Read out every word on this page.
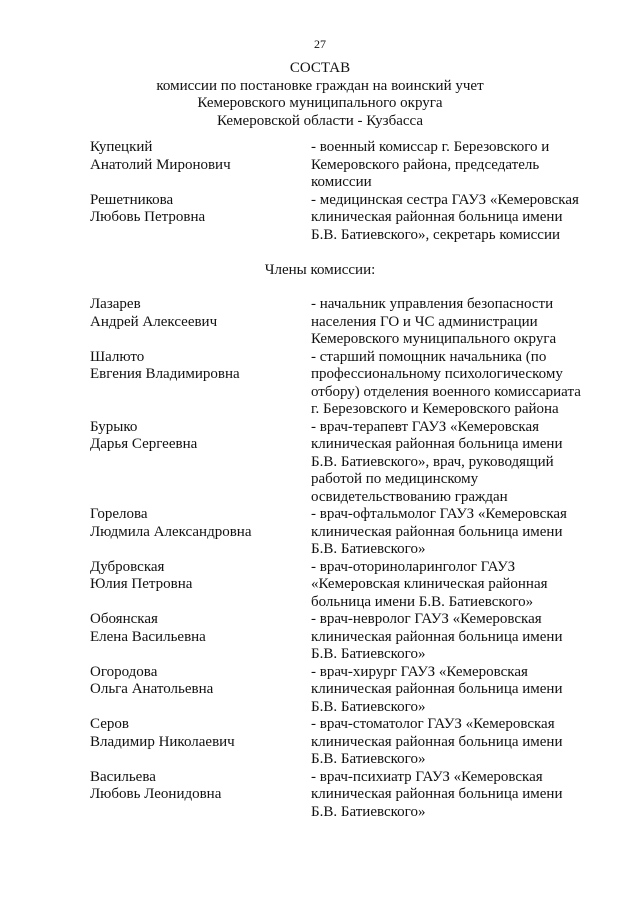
27
СОСТАВ
комиссии по постановке граждан на воинский учет
Кемеровского муниципального округа
Кемеровской области - Кузбасса
Члены комиссии:
Купецкий
Анатолий Миронович
- военный комиссар г. Березовского и
Кемеровского района, председатель
комиссии
Решетникова
Любовь Петровна
- медицинская сестра ГАУЗ «Кемеровская
клиническая районная больница имени
Б.В. Батиевского», секретарь комиссии
Лазарев
Андрей Алексеевич
- начальник управления безопасности
населения ГО и ЧС администрации
Кемеровского муниципального округа
Шалюто
Евгения Владимировна
- старший помощник начальника (по
профессиональному психологическому
отбору) отделения военного комиссариата
г. Березовского и Кемеровского района
Бурыко
Дарья Сергеевна
- врач-терапевт ГАУЗ «Кемеровская
клиническая районная больница имени
Б.В. Батиевского», врач, руководящий
работой по медицинскому
освидетельствованию граждан
Горелова
Людмила Александровна
- врач-офтальмолог ГАУЗ «Кемеровская
клиническая районная больница имени
Б.В. Батиевского»
Дубровская
Юлия Петровна
- врач-оториноларинголог ГАУЗ
«Кемеровская клиническая районная
больница имени Б.В. Батиевского»
Обоянская
Елена Васильевна
- врач-невролог ГАУЗ «Кемеровская
клиническая районная больница имени
Б.В. Батиевского»
Огородова
Ольга Анатольевна
- врач-хирург ГАУЗ «Кемеровская
клиническая районная больница имени
Б.В. Батиевского»
Серов
Владимир Николаевич
- врач-стоматолог ГАУЗ «Кемеровская
клиническая районная больница имени
Б.В. Батиевского»
Васильева
Любовь Леонидовна
- врач-психиатр ГАУЗ «Кемеровская
клиническая районная больница имени
Б.В. Батиевского»
